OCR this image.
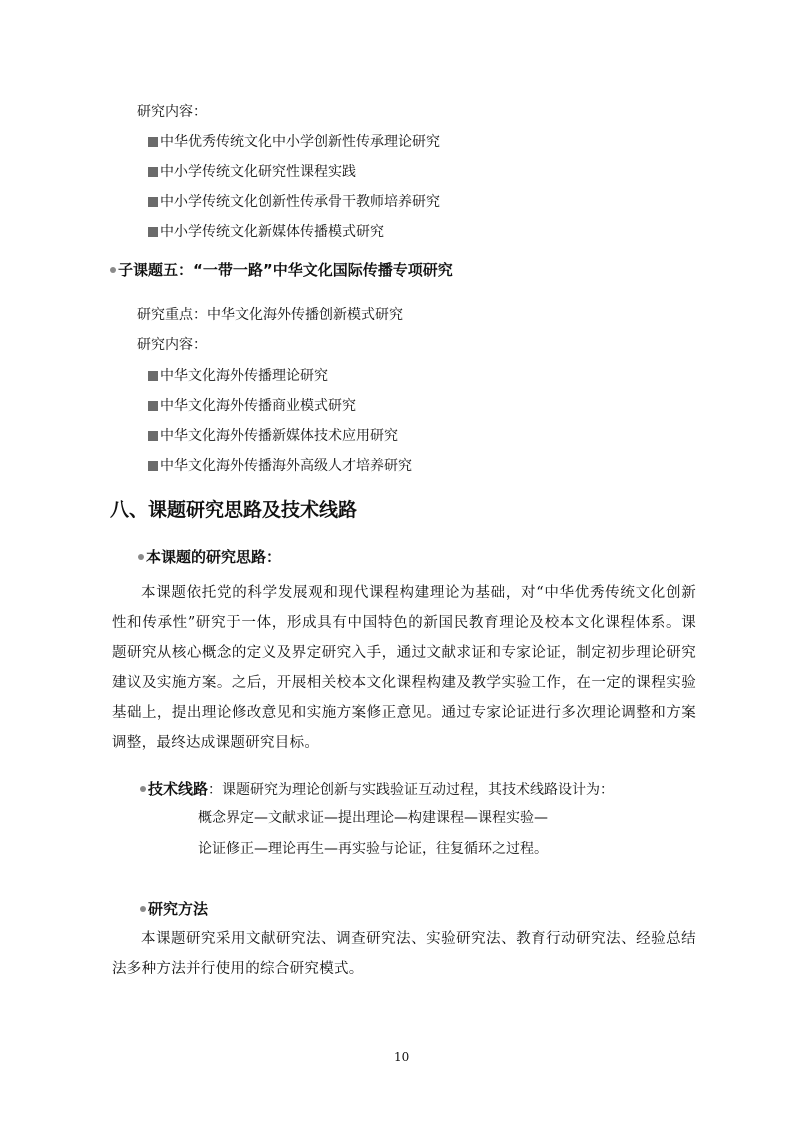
研究内容：
中华优秀传统文化中小学创新性传承理论研究
中小学传统文化研究性课程实践
中小学传统文化创新性传承骨干教师培养研究
中小学传统文化新媒体传播模式研究
子课题五：“一带一路”中华文化国际传播专项研究
研究重点：中华文化海外传播创新模式研究
研究内容：
中华文化海外传播理论研究
中华文化海外传播商业模式研究
中华文化海外传播新媒体技术应用研究
中华文化海外传播海外高级人才培养研究
八、课题研究思路及技术线路
本课题的研究思路：
本课题依托党的科学发展观和现代课程构建理论为基础，对“中华优秀传统文化创新性和传承性”研究于一体，形成具有中国特色的新国民教育理论及校本文化课程体系。课题研究从核心概念的定义及界定研究入手，通过文献求证和专家论证，制定初步理论研究建议及实施方案。之后，开展相关校本文化课程构建及教学实验工作，在一定的课程实验基础上，提出理论修改意见和实施方案修正意见。通过专家论证进行多次理论调整和方案调整，最终达成课题研究目标。
技术线路：课题研究为理论创新与实践验证互动过程，其技术线路设计为：
概念界定—文献求证—提出理论—构建课程—课程实验—
论证修正—理论再生—再实验与论证，往复循环之过程。
研究方法
本课题研究采用文献研究法、调查研究法、实验研究法、教育行动研究法、经验总结法多种方法并行使用的综合研究模式。
10
